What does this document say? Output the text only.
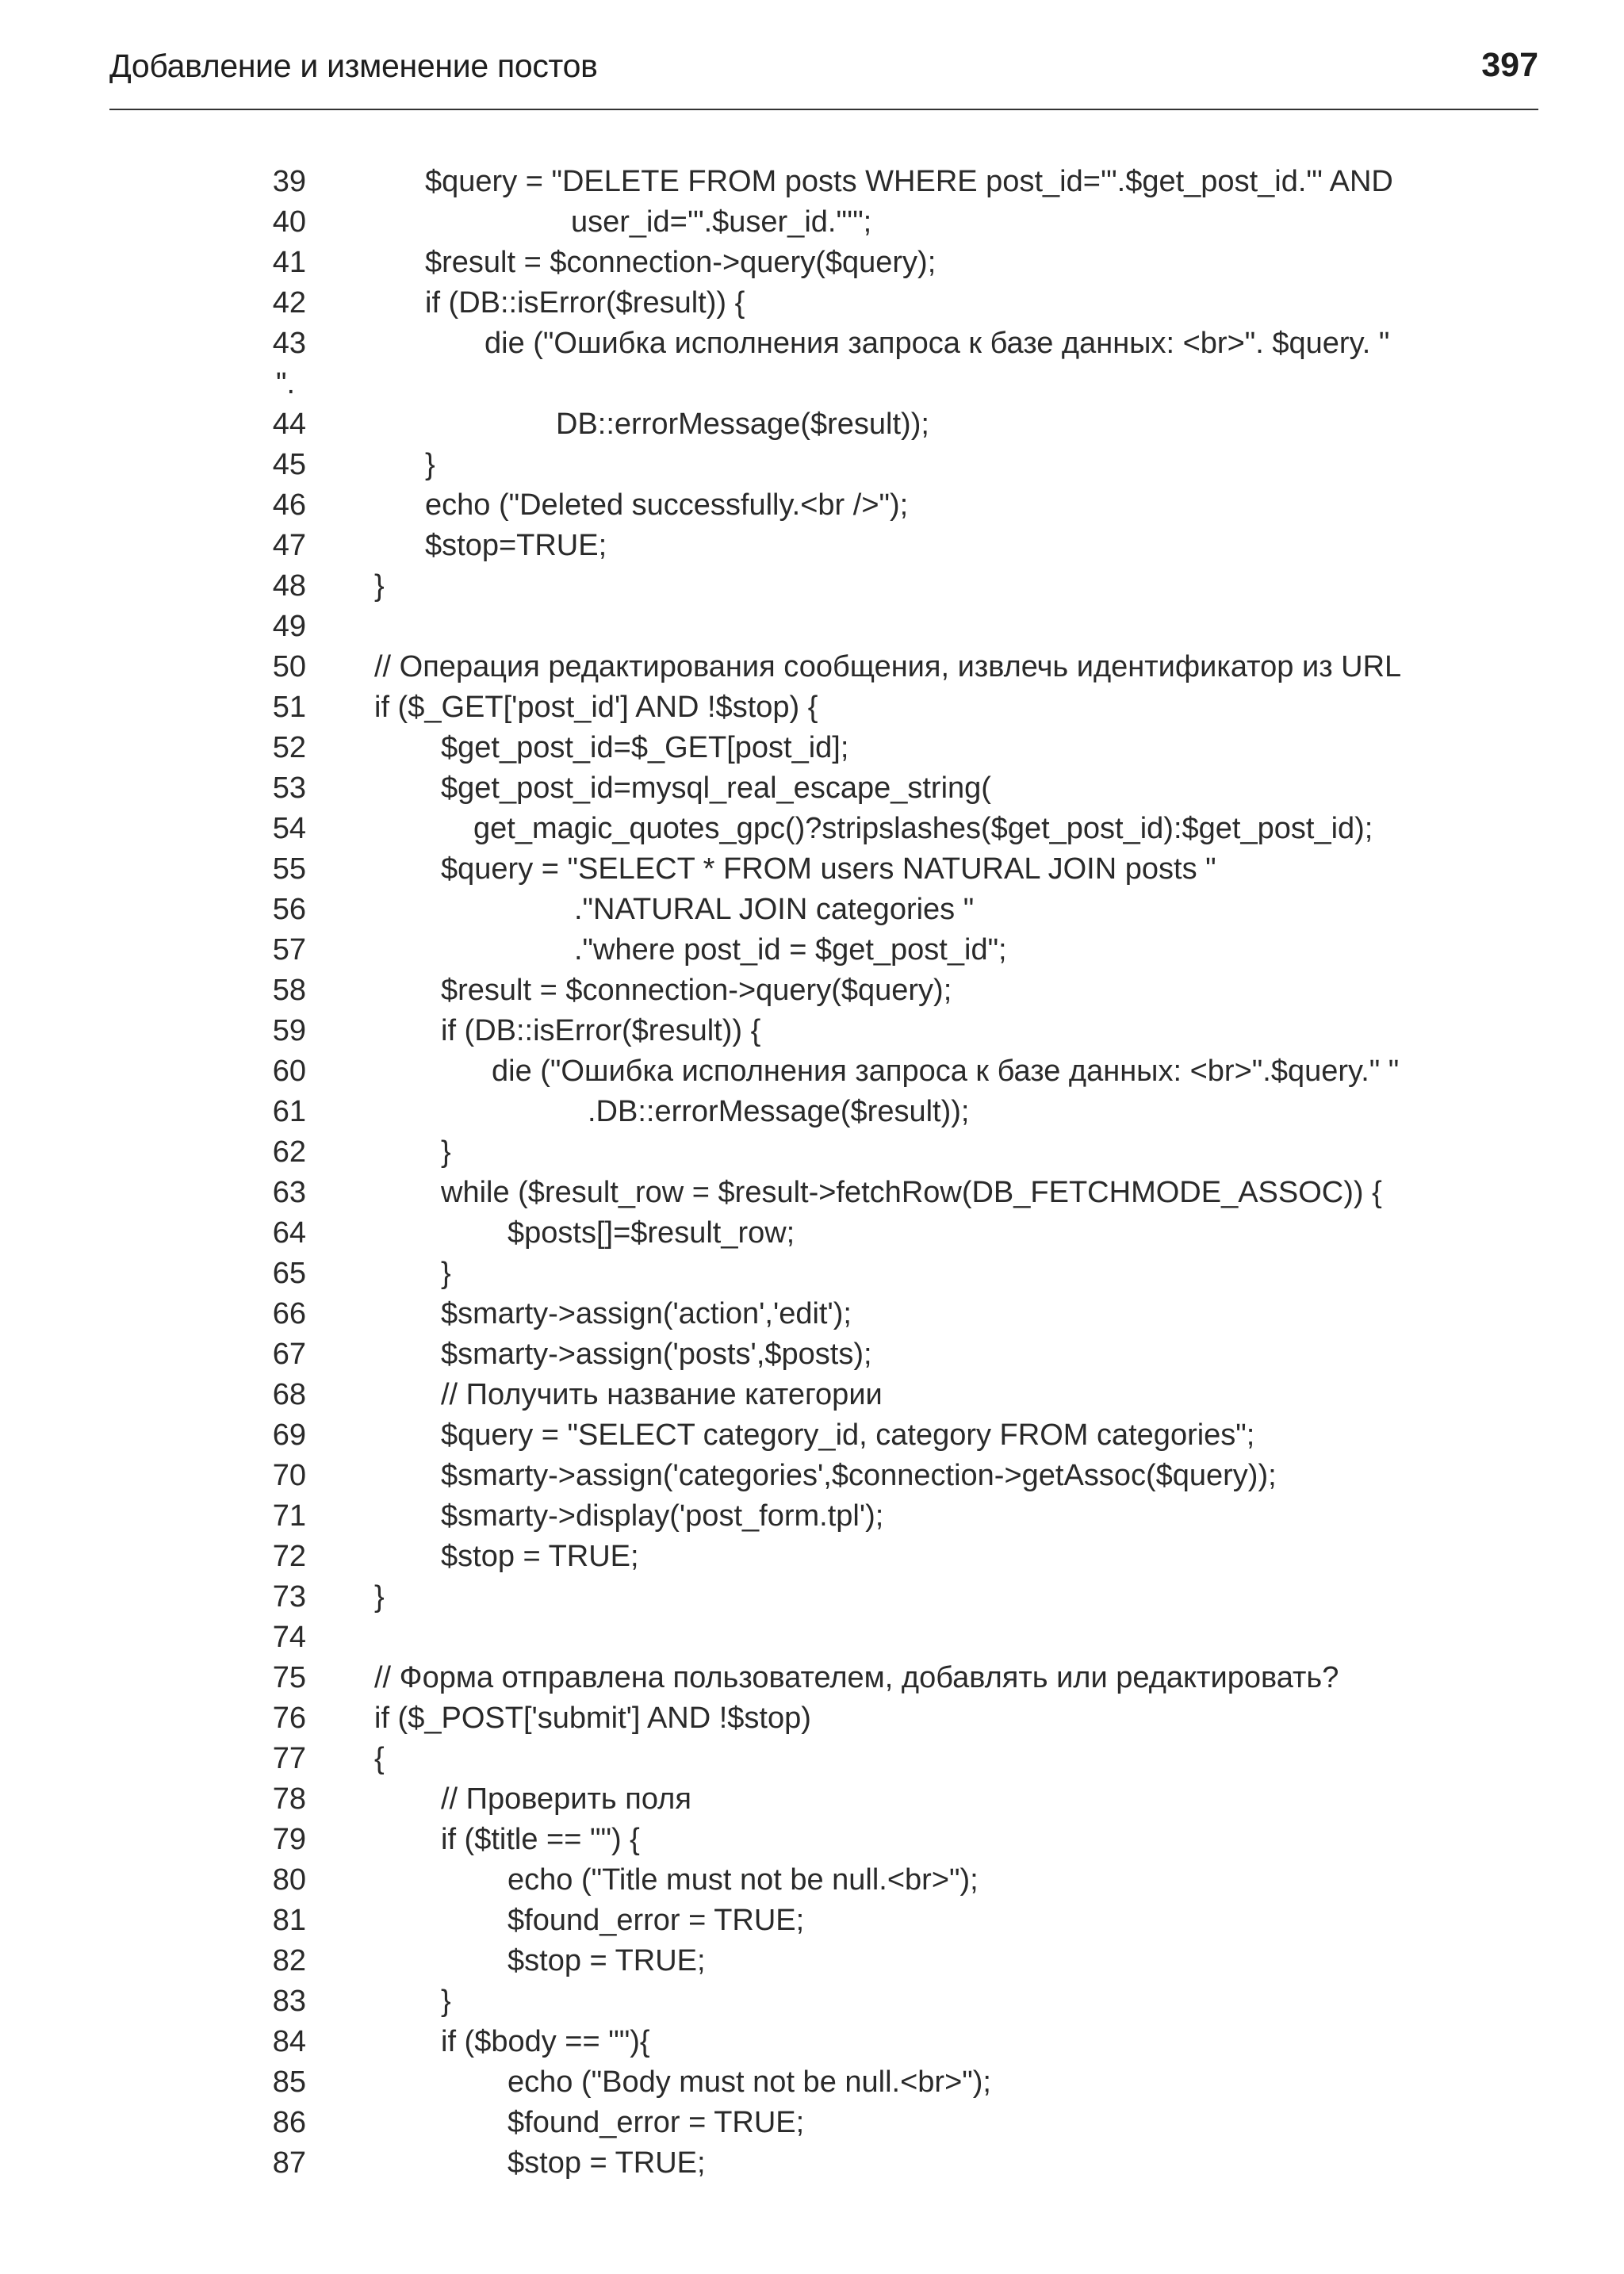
Добавление и изменение постов	397
39	$query = "DELETE FROM posts WHERE post_id='".$get_post_id."' AND
40	user_id='".$user_id."'";
41	$result = $connection->query($query);
42	if (DB::isError($result)) {
43	die ("Ошибка исполнения запроса к базе данных: <br>". $query. "
".
44	DB::errorMessage($result));
45	}
46	echo ("Deleted successfully.<br />");
47	$stop=TRUE;
48 }
49
50 // Операция редактирования сообщения, извлечь идентификатор из URL
51 if ($_GET['post_id'] AND !$stop) {
52	$get_post_id=$_GET[post_id];
53	$get_post_id=mysql_real_escape_string(
54	get_magic_quotes_gpc()?stripslashes($get_post_id):$get_post_id);
55	$query = "SELECT * FROM users NATURAL JOIN posts "
56	."NATURAL JOIN categories "
57	."where post_id = $get_post_id";
58	$result = $connection->query($query);
59	if (DB::isError($result)) {
60	die ("Ошибка исполнения запроса к базе данных: <br>".$query." "
61	.DB::errorMessage($result));
62	}
63	while ($result_row = $result->fetchRow(DB_FETCHMODE_ASSOC)) {
64	$posts[]=$result_row;
65	}
66	$smarty->assign('action','edit');
67	$smarty->assign('posts',$posts);
68	// Получить название категории
69	$query = "SELECT category_id, category FROM categories";
70	$smarty->assign('categories',$connection->getAssoc($query));
71	$smarty->display('post_form.tpl');
72	$stop = TRUE;
73 }
74
75 // Форма отправлена пользователем, добавлять или редактировать?
76 if ($_POST['submit'] AND !$stop)
77 {
78	// Проверить поля
79	if ($title == "") {
80	echo ("Title must not be null.<br>");
81	$found_error = TRUE;
82	$stop = TRUE;
83	}
84	if ($body == ""){
85	echo ("Body must not be null.<br>");
86	$found_error = TRUE;
87	$stop = TRUE;
